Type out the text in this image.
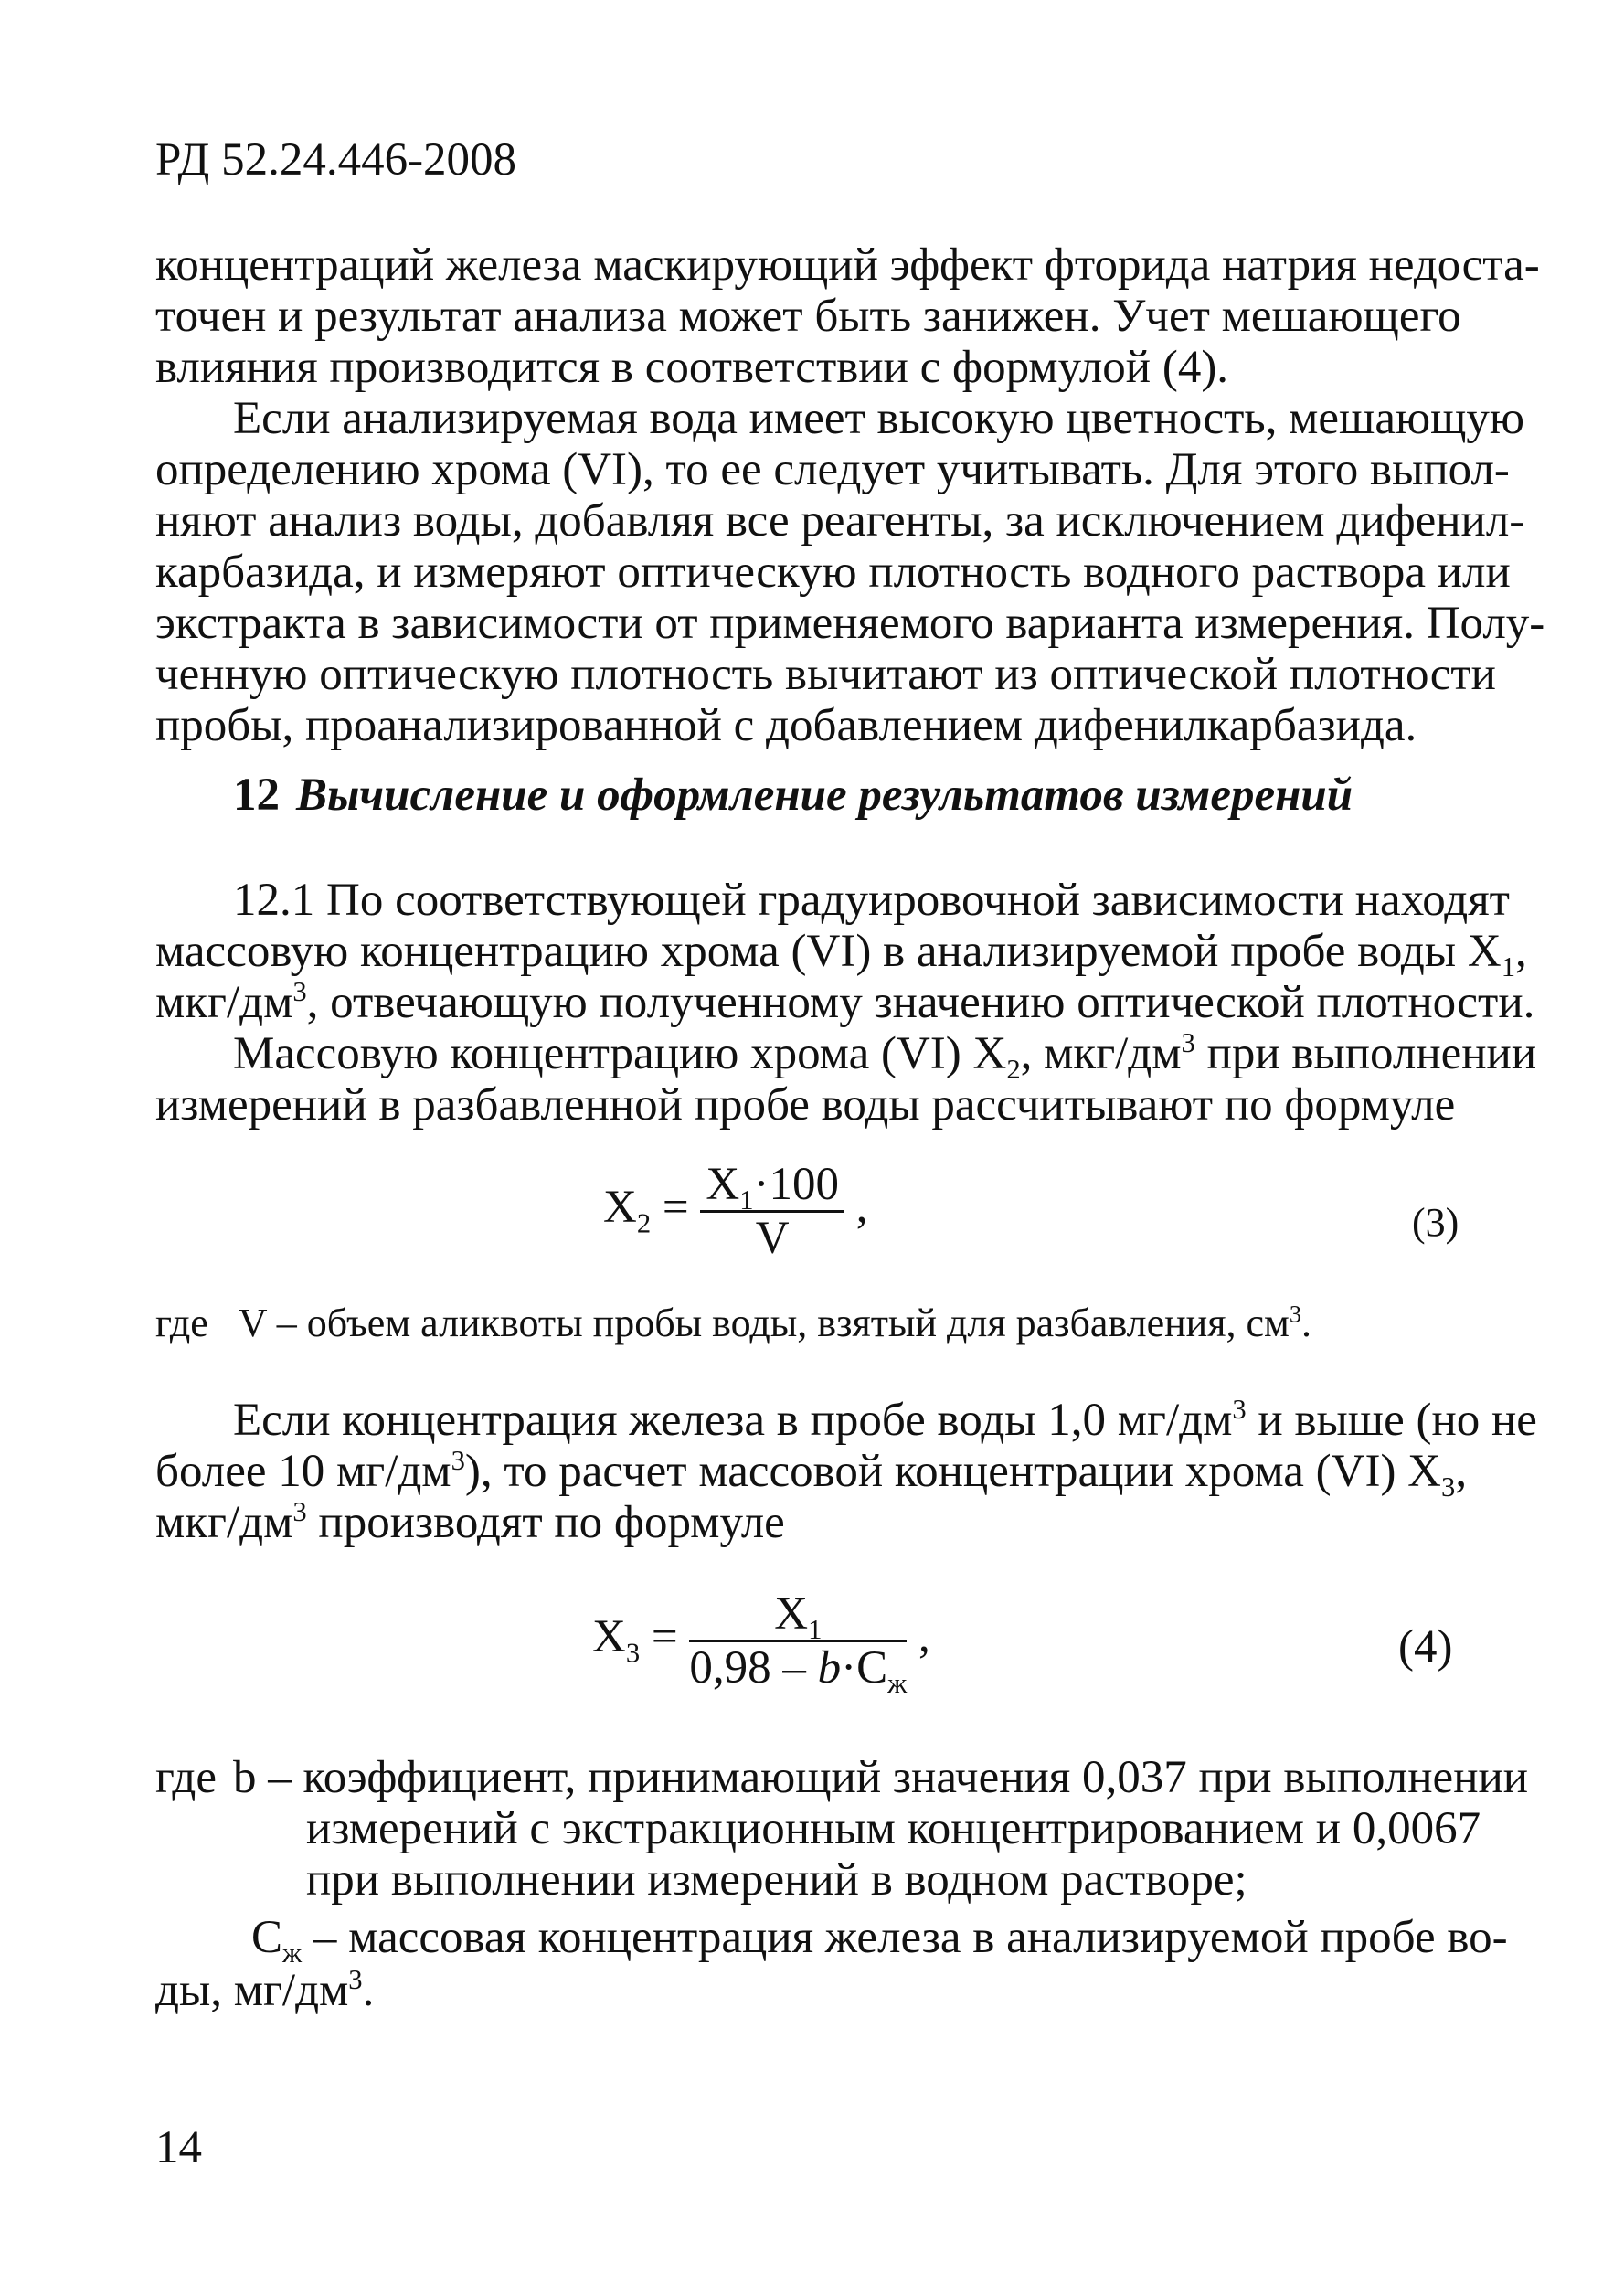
РД 52.24.446-2008
концентраций железа маскирующий эффект фторида натрия недоста-
точен и результат анализа может быть занижен. Учет мешающего
влияния производится в соответствии с формулой (4).
Если анализируемая вода имеет высокую цветность, мешающую
определению хрома (VI), то ее следует учитывать. Для этого выпол-
няют анализ воды, добавляя все реагенты, за исключением дифенил-
карбазида, и измеряют оптическую плотность водного раствора или
экстракта в зависимости от применяемого варианта измерения. Полу-
ченную оптическую плотность вычитают из оптической плотности
пробы, проанализированной с добавлением дифенилкарбазида.
12 Вычисление и оформление результатов измерений
12.1 По соответствующей градуировочной зависимости находят
массовую концентрацию хрома (VI) в анализируемой пробе воды $X_1$,
мкг/$дм^3$, отвечающую полученному значению оптической плотности.
Массовую концентрацию хрома (VI) $X_2$, мкг/$дм^3$ при выполнении
измерений в разбавленной пробе воды рассчитывают по формуле
$X_2 = \frac{X_1\cdot 100}{V}$ ,	(3)
где   V – объем аликвоты пробы воды, взятый для разбавления, $см^3$.
Если концентрация железа в пробе воды 1,0 $мг/дм^3$ и выше (но не
более 10 $мг/дм^3$), то расчет массовой концентрации хрома (VI) $X_3$,
мкг/$дм^3$ производят по формуле
$X_3 = \frac{X_1}{0,98 - b\cdot C_ж}$ ,	(4)
где b – коэффициент, принимающий значения 0,037 при выполнении
измерений с экстракционным концентрированием и 0,0067
при выполнении измерений в водном растворе;
$C_ж$ – массовая концентрация железа в анализируемой пробе во-
ды, $мг/дм^3$.
14
